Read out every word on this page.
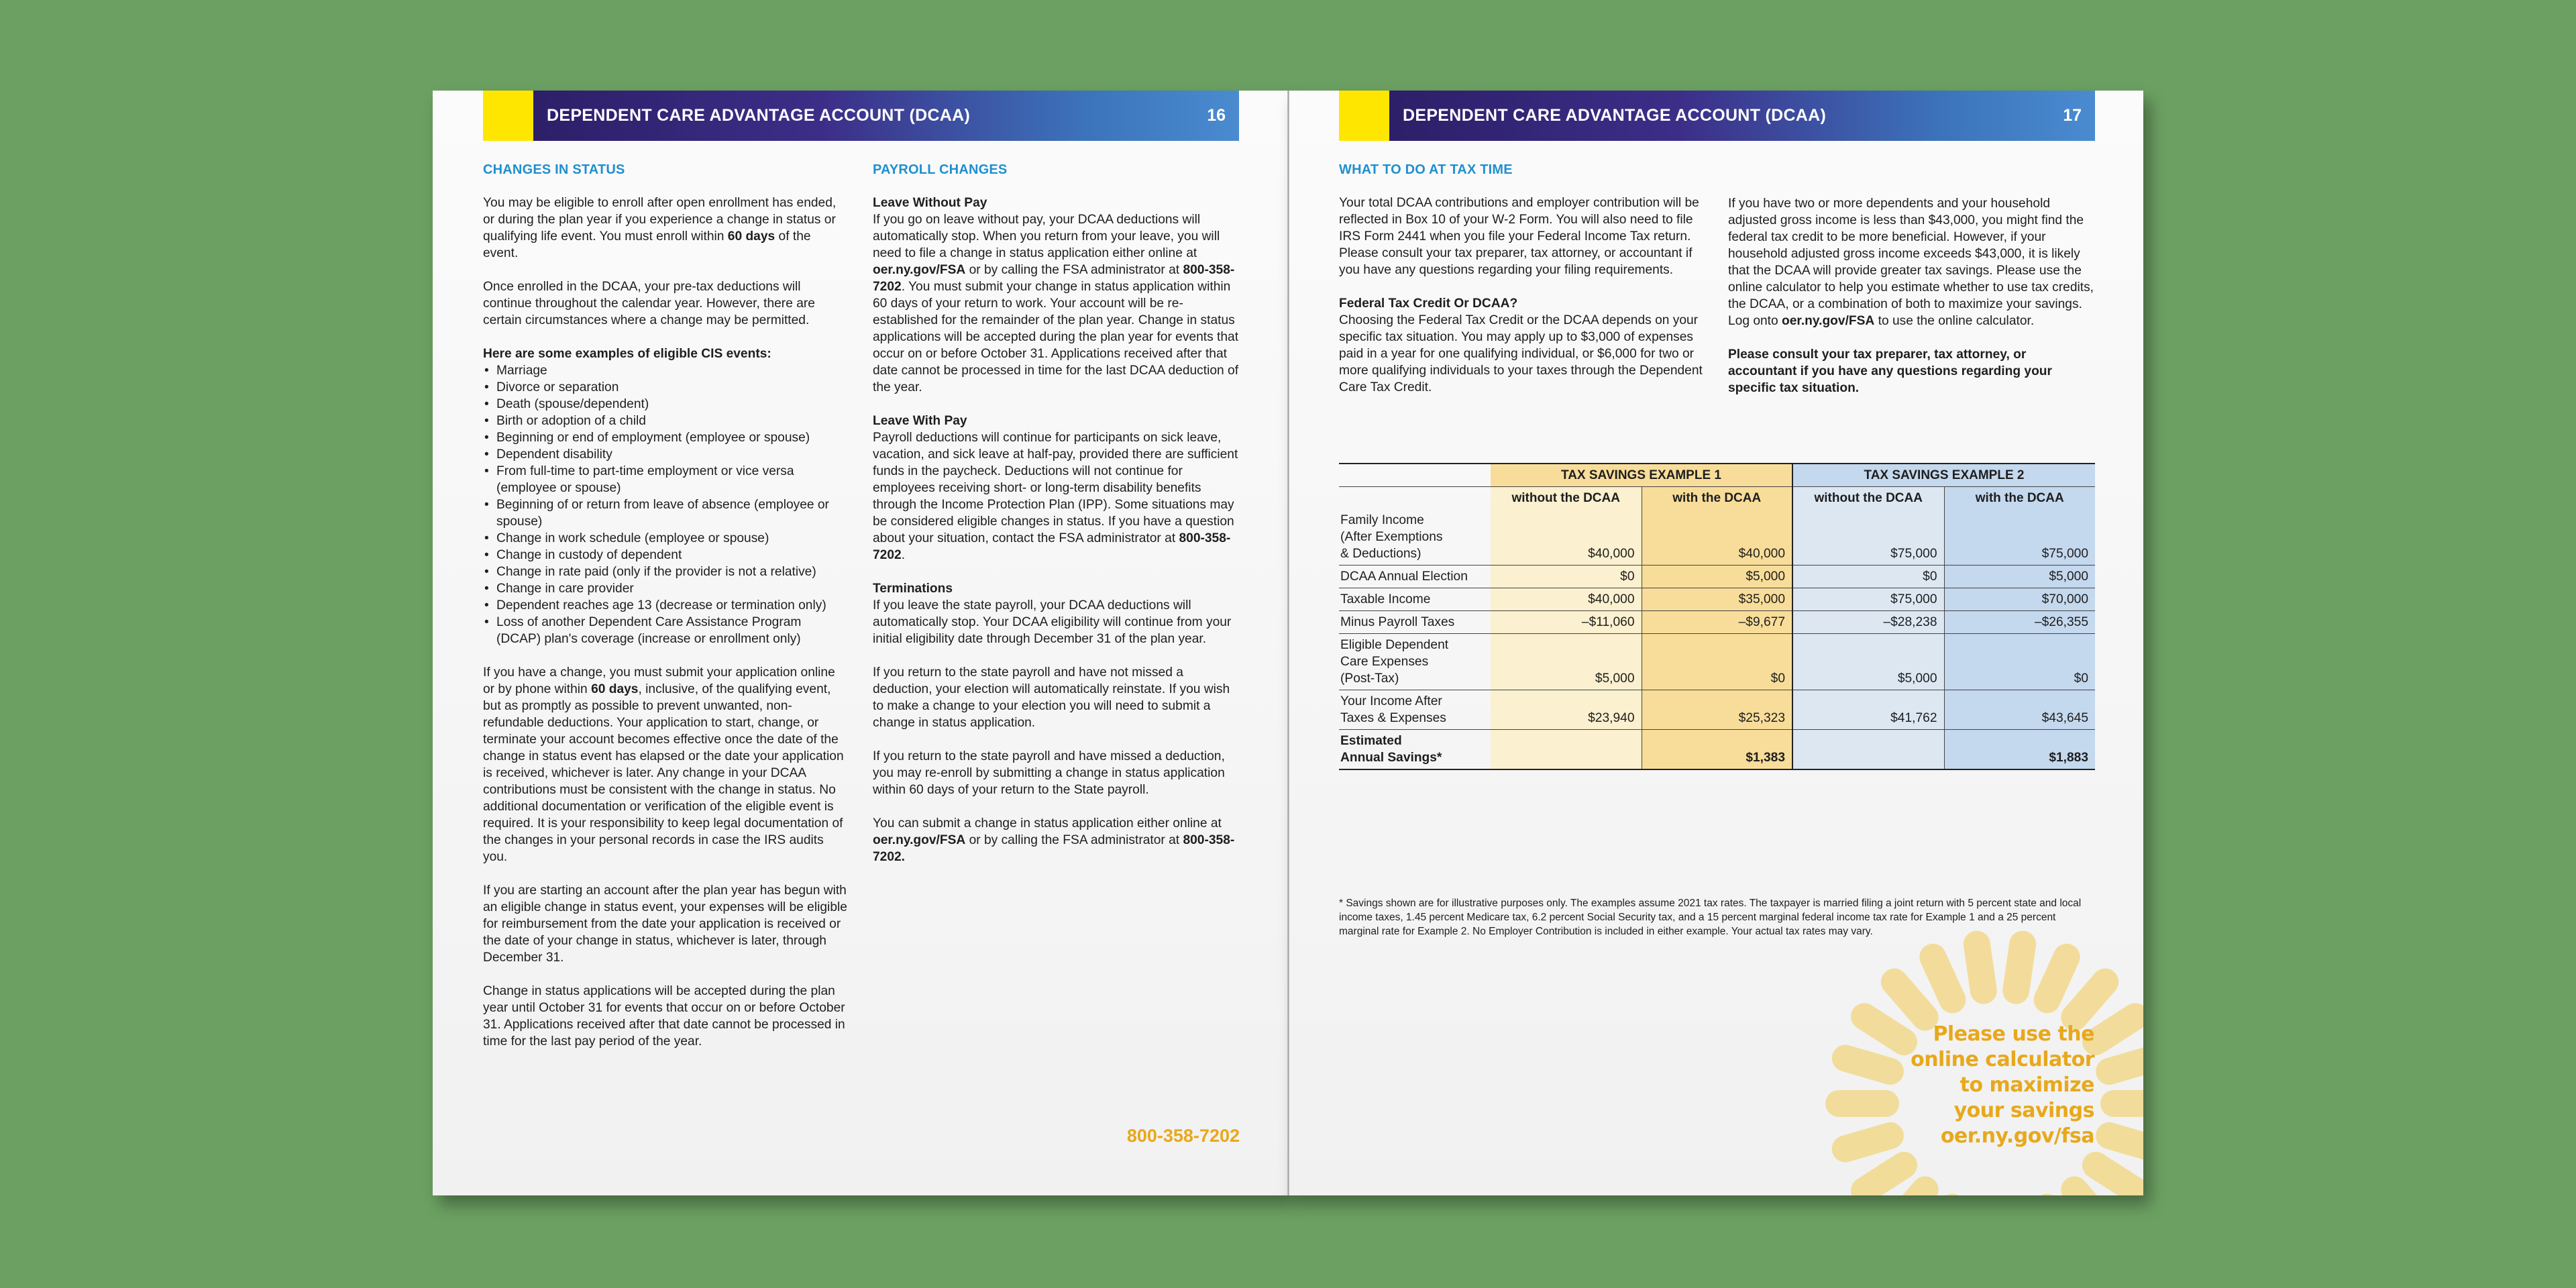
DEPENDENT CARE ADVANTAGE ACCOUNT (DCAA)	16
CHANGES IN STATUS

You may be eligible to enroll after open enrollment has ended, or during the plan year if you experience a change in status or qualifying life event. You must enroll within 60 days of the event.

Once enrolled in the DCAA, your pre-tax deductions will continue throughout the calendar year. However, there are certain circumstances where a change may be permitted.

Here are some examples of eligible CIS events:
• Marriage
• Divorce or separation
• Death (spouse/dependent)
• Birth or adoption of a child
• Beginning or end of employment (employee or spouse)
• Dependent disability
• From full-time to part-time employment or vice versa (employee or spouse)
• Beginning of or return from leave of absence (employee or spouse)
• Change in work schedule (employee or spouse)
• Change in custody of dependent
• Change in rate paid (only if the provider is not a relative)
• Change in care provider
• Dependent reaches age 13 (decrease or termination only)
• Loss of another Dependent Care Assistance Program (DCAP) plan's coverage (increase or enrollment only)

If you have a change, you must submit your application online or by phone within 60 days, inclusive, of the qualifying event, but as promptly as possible to prevent unwanted, non-refundable deductions. Your application to start, change, or terminate your account becomes effective once the date of the change in status event has elapsed or the date your application is received, whichever is later. Any change in your DCAA contributions must be consistent with the change in status. No additional documentation or verification of the eligible event is required. It is your responsibility to keep legal documentation of the changes in your personal records in case the IRS audits you.

If you are starting an account after the plan year has begun with an eligible change in status event, your expenses will be eligible for reimbursement from the date your application is received or the date of your change in status, whichever is later, through December 31.

Change in status applications will be accepted during the plan year until October 31 for events that occur on or before October 31. Applications received after that date cannot be processed in time for the last pay period of the year.

PAYROLL CHANGES
Leave Without Pay

If you go on leave without pay, your DCAA deductions will automatically stop. When you return from your leave, you will need to file a change in status application either online at oer.ny.gov/FSA or by calling the FSA administrator at 800-358-7202. You must submit your change in status application within 60 days of your return to work. Your account will be re-established for the remainder of the plan year. Change in status applications will be accepted during the plan year for events that occur on or before October 31. Applications received after that date cannot be processed in time for the last DCAA deduction of the year.

Leave With Pay

Payroll deductions will continue for participants on sick leave, vacation, and sick leave at half-pay, provided there are sufficient funds in the paycheck. Deductions will not continue for employees receiving short- or long-term disability benefits through the Income Protection Plan (IPP). Some situations may be considered eligible changes in status. If you have a question about your situation, contact the FSA administrator at 800-358-7202.

Terminations

If you leave the state payroll, your DCAA deductions will automatically stop. Your DCAA eligibility will continue from your initial eligibility date through December 31 of the plan year.

If you return to the state payroll and have not missed a deduction, your election will automatically reinstate. If you wish to make a change to your election you will need to submit a change in status application.

If you return to the state payroll and have missed a deduction, you may re-enroll by submitting a change in status application within 60 days of your return to the State payroll.

You can submit a change in status application either online at oer.ny.gov/FSA or by calling the FSA administrator at 800-358-7202.

800-358-7202
DEPENDENT CARE ADVANTAGE ACCOUNT (DCAA)	17
WHAT TO DO AT TAX TIME

Your total DCAA contributions and employer contribution will be reflected in Box 10 of your W-2 Form. You will also need to file IRS Form 2441 when you file your Federal Income Tax return. Please consult your tax preparer, tax attorney, or accountant if you have any questions regarding your filing requirements.

Federal Tax Credit Or DCAA?

Choosing the Federal Tax Credit or the DCAA depends on your specific tax situation. You may apply up to $3,000 of expenses paid in a year for one qualifying individual, or $6,000 for two or more qualifying individuals to your taxes through the Dependent Care Tax Credit.

If you have two or more dependents and your household adjusted gross income is less than $43,000, you might find the federal tax credit to be more beneficial. However, if your household adjusted gross income exceeds $43,000, it is likely that the DCAA will provide greater tax savings. Please use the online calculator to help you estimate whether to use tax credits, the DCAA, or a combination of both to maximize your savings. Log onto oer.ny.gov/FSA to use the online calculator.

Please consult your tax preparer, tax attorney, or accountant if you have any questions regarding your specific tax situation.

	TAX SAVINGS EXAMPLE 1		TAX SAVINGS EXAMPLE 2	
	without the DCAA	with the DCAA	without the DCAA	with the DCAA
Family Income
(After Exemptions
& Deductions)	$40,000	$40,000	$75,000	$75,000
DCAA Annual Election	$0	$5,000	$0	$5,000
Taxable Income	$40,000	$35,000	$75,000	$70,000
Minus Payroll Taxes	–$11,060	–$9,677	–$28,238	–$26,355
Eligible Dependent
Care Expenses
(Post-Tax)	$5,000	$0	$5,000	$0
Your Income After
Taxes & Expenses	$23,940	$25,323	$41,762	$43,645
Estimated
Annual Savings*		$1,383		$1,883
* Savings shown are for illustrative purposes only. The examples assume 2021 tax rates. The taxpayer is married filing a joint return with 5 percent state and local income taxes, 1.45 percent Medicare tax, 6.2 percent Social Security tax, and a 15 percent marginal federal income tax rate for Example 1 and a 25 percent marginal rate for Example 2. No Employer Contribution is included in either example. Your actual tax rates may vary.
Please use the
online calculator
to maximize
your savings
oer.ny.gov/fsa
